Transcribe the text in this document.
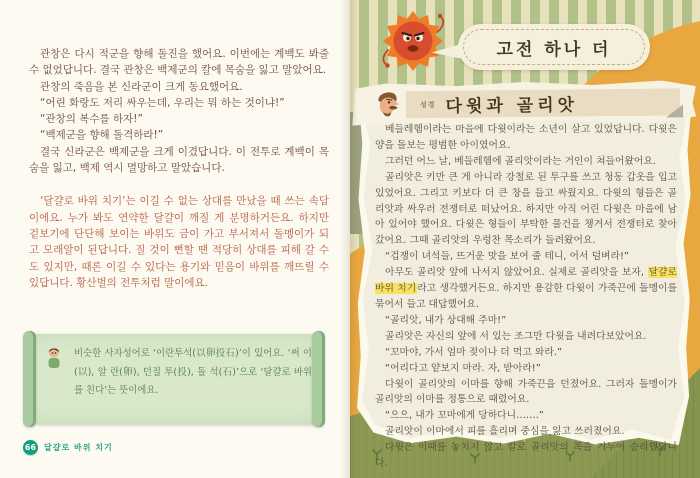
관창은 다시 적군을 향해 돌진을 했어요. 이번에는 계백도 봐줄 수 없었답니다. 결국 관창은 백제군의 칼에 목숨을 잃고 말았어요.

관창의 죽음을 본 신라군이 크게 동요했어요.

“어린 화랑도 저리 싸우는데, 우리는 뭐 하는 것이냐!”

“관창의 복수를 하자!”

“백제군을 향해 돌격하라!”

결국 신라군은 백제군을 크게 이겼답니다. 이 전투로 계백이 목숨을 잃고, 백제 역시 멸망하고 말았습니다.

‘달걀로 바위 치기’는 이길 수 없는 상대를 만났을 때 쓰는 속담이에요. 누가 봐도 연약한 달걀이 깨질 게 분명하거든요. 하지만 겉보기에 단단해 보이는 바위도 금이 가고 부서져서 돌멩이가 되고 모래알이 된답니다. 질 것이 뻔할 땐 적당히 상대를 피해 갈 수도 있지만, 때론 이길 수 있다는 용기와 믿음이 바위를 깨뜨릴 수 있답니다. 황산벌의 전투처럼 말이에요.

비슷한 사자성어로 ‘이란투석(以卵投石)’이 있어요. ‘써 이(以), 알 란(卵), 던질 투(投), 돌 석(石)’으로 ‘달걀로 바위를 친다’는 뜻이에요.

66 달걀로 바위 치기
고전 하나 더
성경 다윗과 골리앗

베들레헴이라는 마을에 다윗이라는 소년이 살고 있었답니다. 다윗은 양을 돌보는 평범한 아이였어요.

그러던 어느 날, 베들레헴에 골리앗이라는 거인이 쳐들어왔어요.

골리앗은 키만 큰 게 아니라 강철로 된 투구를 쓰고 청동 갑옷을 입고 있었어요. 그리고 키보다 더 큰 창을 들고 싸웠지요. 다윗의 형들은 골리앗과 싸우러 전쟁터로 떠났어요. 하지만 아직 어린 다윗은 마을에 남아 있어야 했어요. 다윗은 형들이 부탁한 물건을 챙겨서 전쟁터로 찾아갔어요. 그때 골리앗의 우렁찬 목소리가 들려왔어요.

“겁쟁이 녀석들, 뜨거운 맛을 보여 줄 테니, 어서 덤벼라!”

아무도 골리앗 앞에 나서지 않았어요. 실제로 골리앗을 보자, 달걀로 바위 치기라고 생각했거든요. 하지만 용감한 다윗이 가죽끈에 돌멩이를 묶어서 들고 대답했어요.

“골리앗, 내가 상대해 주마!”

골리앗은 자신의 앞에 서 있는 조그만 다윗을 내려다보았어요.

“꼬마야, 가서 엄마 젖이나 더 먹고 와라.”

“어리다고 얕보지 마라. 자, 받아라!”

다윗이 골리앗의 이마를 향해 가죽끈을 던졌어요. 그러자 돌멩이가 골리앗의 이마를 정통으로 때렸어요.

“으으, 내가 꼬마에게 당하다니…….”

골리앗이 이마에서 피를 흘리며 중심을 잃고 쓰러졌어요.

다윗은 이때를 놓치지 않고 칼로 골리앗의 목을 겨누어 승리했답니다.
